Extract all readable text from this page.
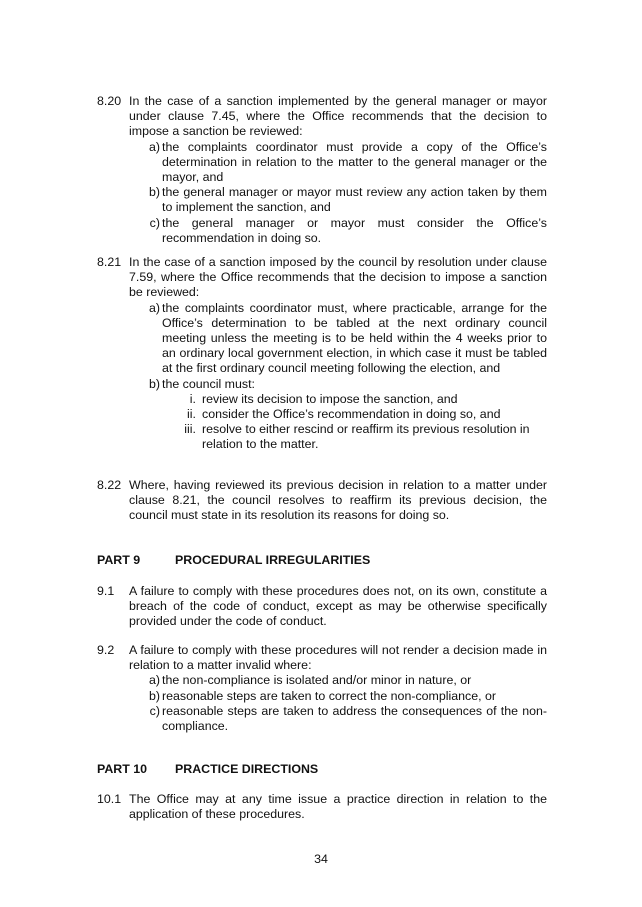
8.20 In the case of a sanction implemented by the general manager or mayor under clause 7.45, where the Office recommends that the decision to impose a sanction be reviewed:
a) the complaints coordinator must provide a copy of the Office’s determination in relation to the matter to the general manager or the mayor, and
b) the general manager or mayor must review any action taken by them to implement the sanction, and
c) the general manager or mayor must consider the Office’s recommendation in doing so.
8.21 In the case of a sanction imposed by the council by resolution under clause 7.59, where the Office recommends that the decision to impose a sanction be reviewed:
a) the complaints coordinator must, where practicable, arrange for the Office’s determination to be tabled at the next ordinary council meeting unless the meeting is to be held within the 4 weeks prior to an ordinary local government election, in which case it must be tabled at the first ordinary council meeting following the election, and
b) the council must:
i. review its decision to impose the sanction, and
ii. consider the Office’s recommendation in doing so, and
iii. resolve to either rescind or reaffirm its previous resolution in relation to the matter.
8.22 Where, having reviewed its previous decision in relation to a matter under clause 8.21, the council resolves to reaffirm its previous decision, the council must state in its resolution its reasons for doing so.
PART 9	PROCEDURAL IRREGULARITIES
9.1 A failure to comply with these procedures does not, on its own, constitute a breach of the code of conduct, except as may be otherwise specifically provided under the code of conduct.
9.2 A failure to comply with these procedures will not render a decision made in relation to a matter invalid where:
a) the non-compliance is isolated and/or minor in nature, or
b) reasonable steps are taken to correct the non-compliance, or
c) reasonable steps are taken to address the consequences of the non-compliance.
PART 10 PRACTICE DIRECTIONS
10.1 The Office may at any time issue a practice direction in relation to the application of these procedures.
34
